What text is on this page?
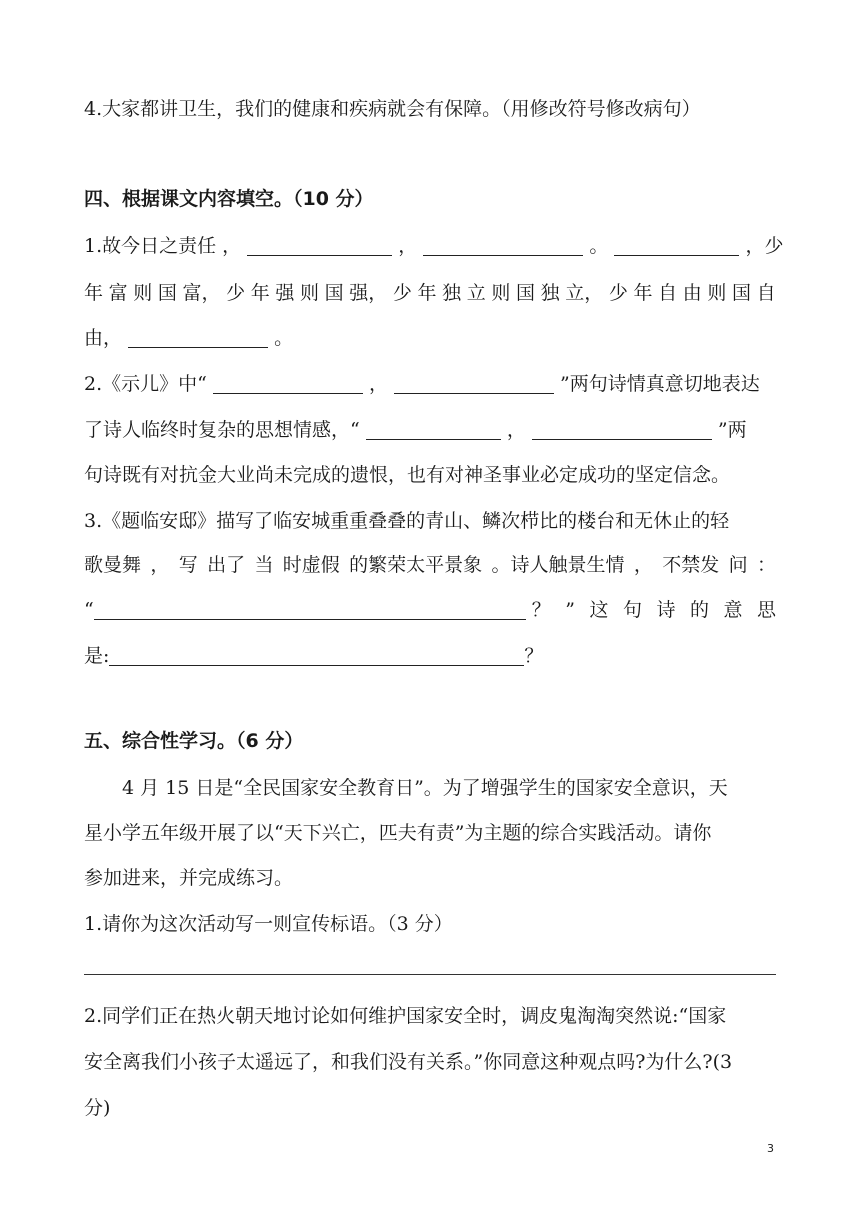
4.大家都讲卫生，我们的健康和疾病就会有保障。（用修改符号修改病句）
四、根据课文内容填空。（10 分）
1.故今日之责任 ，	，	。	，少
年 富 则 国 富， 少 年 强 则 国 强， 少 年 独 立 则 国 独 立， 少 年 自 由 则 国 自
由，	。
2.《示儿》中“	，	”两句诗情真意切地表达
了诗人临终时复杂的思想情感，“	，	”两
句诗既有对抗金大业尚未完成的遗恨，也有对神圣事业必定成功的坚定信念。
3.《题临安邸》描写了临安城重重叠叠的青山、鳞次栉比的楼台和无休止的轻
歌曼舞 ， 写 出了 当 时虚假 的繁荣太平景象 。诗人触景生情 ， 不禁发 问 ：
“	？ ” 这 句 诗 的 意 思
是:	？
五、综合性学习。（6 分）
4 月 15 日是“全民国家安全教育日”。为了增强学生的国家安全意识，天
星小学五年级开展了以“天下兴亡，匹夫有责”为主题的综合实践活动。请你
参加进来，并完成练习。
1.请你为这次活动写一则宣传标语。（3 分）
2.同学们正在热火朝天地讨论如何维护国家安全时，调皮鬼淘淘突然说:“国家
安全离我们小孩子太遥远了，和我们没有关系。”你同意这种观点吗?为什么?(3
分)
3
